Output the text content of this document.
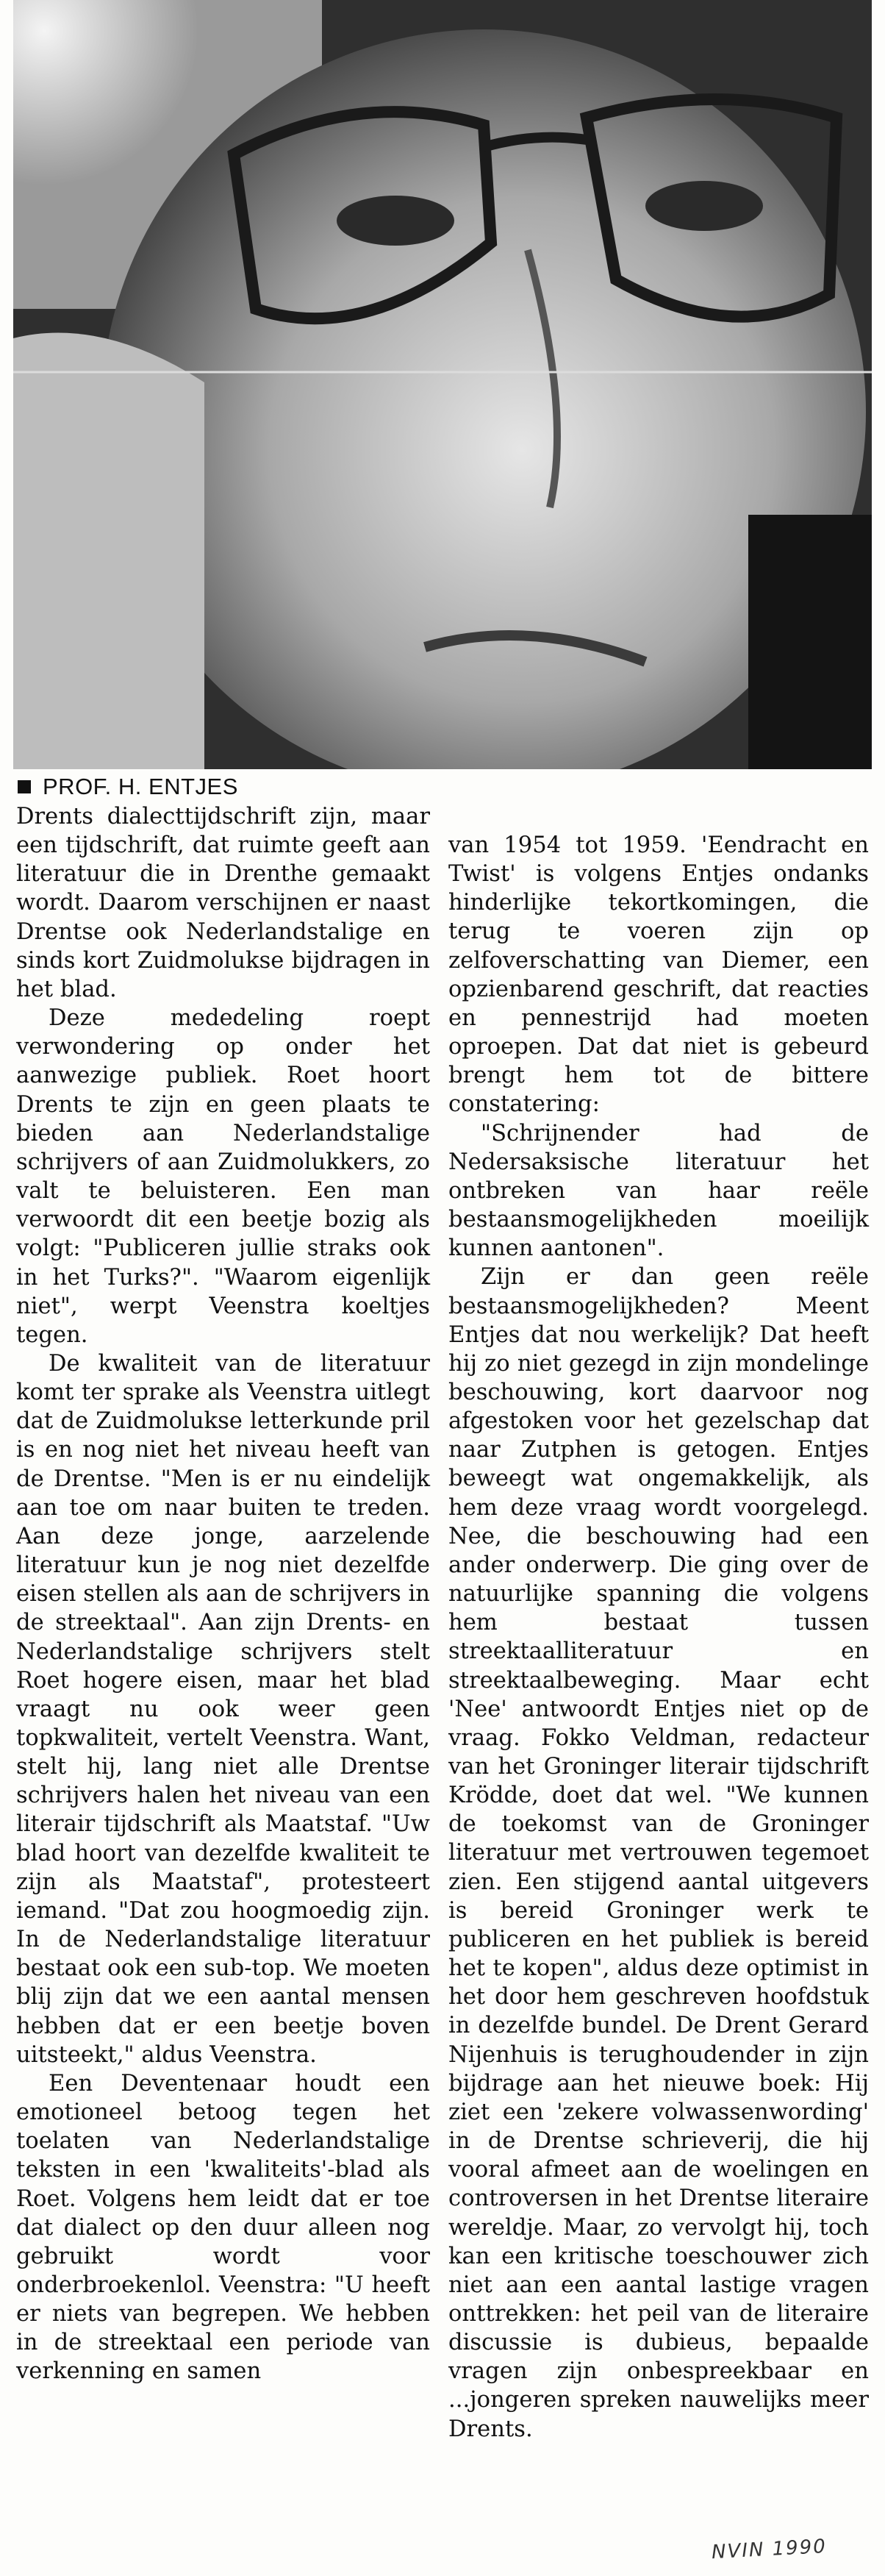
PROF. H. ENTJES

Drents dialecttijdschrift zijn, maar een tijdschrift, dat ruimte geeft aan literatuur die in Drenthe gemaakt wordt. Daarom verschijnen er naast Drentse ook Nederlandstalige en sinds kort Zuidmolukse bijdragen in het blad.

Deze mededeling roept verwondering op onder het aanwezige publiek. Roet hoort Drents te zijn en geen plaats te bieden aan Nederlandstalige schrijvers of aan Zuidmolukkers, zo valt te beluisteren. Een man verwoordt dit een beetje bozig als volgt: "Publiceren jullie straks ook in het Turks?". "Waarom eigenlijk niet", werpt Veenstra koeltjes tegen.

De kwaliteit van de literatuur komt ter sprake als Veenstra uitlegt dat de Zuidmolukse letterkunde pril is en nog niet het niveau heeft van de Drentse. "Men is er nu eindelijk aan toe om naar buiten te treden. Aan deze jonge, aarzelende literatuur kun je nog niet dezelfde eisen stellen als aan de schrijvers in de streektaal". Aan zijn Drents- en Nederlandstalige schrijvers stelt Roet hogere eisen, maar het blad vraagt nu ook weer geen topkwaliteit, vertelt Veenstra. Want, stelt hij, lang niet alle Drentse schrijvers halen het niveau van een literair tijdschrift als Maatstaf. "Uw blad hoort van dezelfde kwaliteit te zijn als Maatstaf", protesteert iemand. "Dat zou hoogmoedig zijn. In de Nederlandstalige literatuur bestaat ook een sub-top. We moeten blij zijn dat we een aantal mensen hebben dat er een beetje boven uitsteekt," aldus Veenstra.

Een Deventenaar houdt een emotioneel betoog tegen het toelaten van Nederlandstalige teksten in een 'kwaliteits'-blad als Roet. Volgens hem leidt dat er toe dat dialect op den duur alleen nog gebruikt wordt voor onderbroekenlol. Veenstra: "U heeft er niets van begrepen. We hebben in de streektaal een periode van verkenning en samen

van 1954 tot 1959. 'Eendracht en Twist' is volgens Entjes ondanks hinderlijke tekortkomingen, die terug te voeren zijn op zelfoverschatting van Diemer, een opzienbarend geschrift, dat reacties en pennestrijd had moeten oproepen. Dat dat niet is gebeurd brengt hem tot de bittere constatering:

"Schrijnender had de Nedersaksische literatuur het ontbreken van haar reële bestaansmogelijkheden moeilijk kunnen aantonen".

Zijn er dan geen reële bestaansmogelijkheden? Meent Entjes dat nou werkelijk? Dat heeft hij zo niet gezegd in zijn mondelinge beschouwing, kort daarvoor nog afgestoken voor het gezelschap dat naar Zutphen is getogen. Entjes beweegt wat ongemakkelijk, als hem deze vraag wordt voorgelegd. Nee, die beschouwing had een ander onderwerp. Die ging over de natuurlijke spanning die volgens hem bestaat tussen streektaalliteratuur en streektaalbeweging. Maar echt 'Nee' antwoordt Entjes niet op de vraag. Fokko Veldman, redacteur van het Groninger literair tijdschrift Krödde, doet dat wel. "We kunnen de toekomst van de Groninger literatuur met vertrouwen tegemoet zien. Een stijgend aantal uitgevers is bereid Groninger werk te publiceren en het publiek is bereid het te kopen", aldus deze optimist in het door hem geschreven hoofdstuk in dezelfde bundel. De Drent Gerard Nijenhuis is terughoudender in zijn bijdrage aan het nieuwe boek: Hij ziet een 'zekere volwassenwording' in de Drentse schrieverij, die hij vooral afmeet aan de woelingen en controversen in het Drentse literaire wereldje. Maar, zo vervolgt hij, toch kan een kritische toeschouwer zich niet aan een aantal lastige vragen onttrekken: het peil van de literaire discussie is dubieus, bepaalde vragen zijn onbespreekbaar en ...jongeren spreken nauwelijks meer Drents.

NVIN 1990
